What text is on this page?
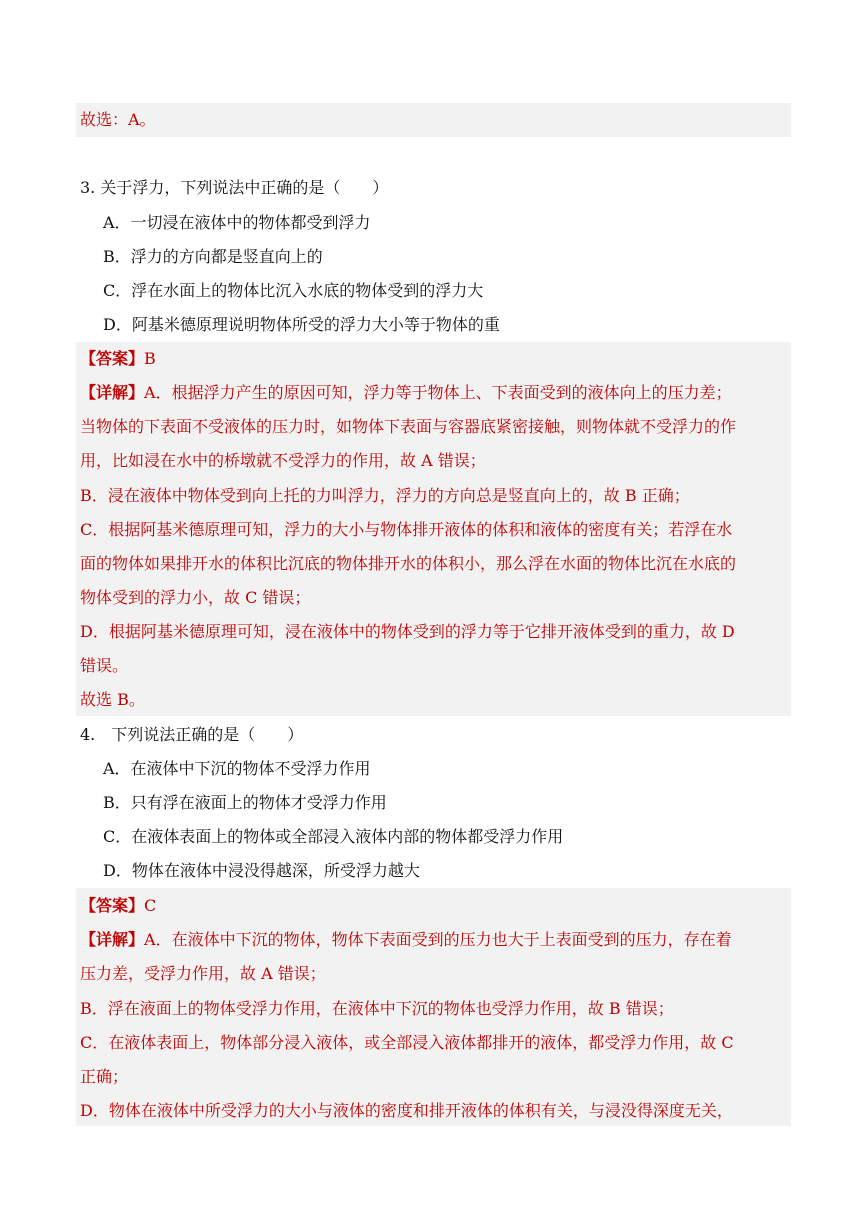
故选：A。
3. 关于浮力，下列说法中正确的是（　　）
A．一切浸在液体中的物体都受到浮力
B．浮力的方向都是竖直向上的
C．浮在水面上的物体比沉入水底的物体受到的浮力大
D．阿基米德原理说明物体所受的浮力大小等于物体的重
【答案】B
【详解】A．根据浮力产生的原因可知，浮力等于物体上、下表面受到的液体向上的压力差；
当物体的下表面不受液体的压力时，如物体下表面与容器底紧密接触，则物体就不受浮力的作
用，比如浸在水中的桥墩就不受浮力的作用，故 A 错误；
B．浸在液体中物体受到向上托的力叫浮力，浮力的方向总是竖直向上的，故 B 正确；
C．根据阿基米德原理可知，浮力的大小与物体排开液体的体积和液体的密度有关；若浮在水
面的物体如果排开水的体积比沉底的物体排开水的体积小，那么浮在水面的物体比沉在水底的
物体受到的浮力小，故 C 错误；
D．根据阿基米德原理可知，浸在液体中的物体受到的浮力等于它排开液体受到的重力，故 D
错误。
故选 B。
4.　下列说法正确的是（　　）
A．在液体中下沉的物体不受浮力作用
B．只有浮在液面上的物体才受浮力作用
C．在液体表面上的物体或全部浸入液体内部的物体都受浮力作用
D．物体在液体中浸没得越深，所受浮力越大
【答案】C
【详解】A．在液体中下沉的物体，物体下表面受到的压力也大于上表面受到的压力，存在着
压力差，受浮力作用，故 A 错误；
B．浮在液面上的物体受浮力作用，在液体中下沉的物体也受浮力作用，故 B 错误；
C．在液体表面上，物体部分浸入液体，或全部浸入液体都排开的液体，都受浮力作用，故 C
正确；
D．物体在液体中所受浮力的大小与液体的密度和排开液体的体积有关，与浸没得深度无关，
